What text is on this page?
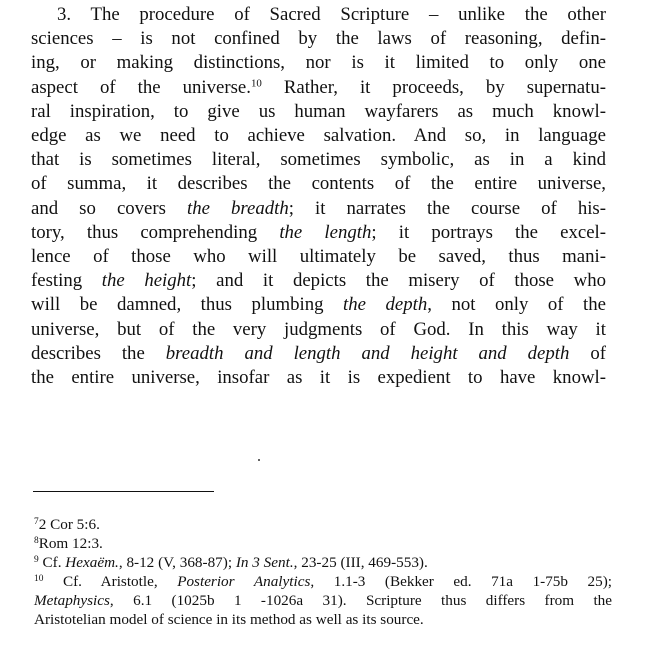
3. The procedure of Sacred Scripture – unlike the other
sciences – is not confined by the laws of reasoning, defin-
ing, or making distinctions, nor is it limited to only one
aspect of the universe.$^{10}$ Rather, it proceeds, by supernatu-
ral inspiration, to give us human wayfarers as much knowl-
edge as we need to achieve salvation. And so, in language
that is sometimes literal, sometimes symbolic, as in a kind
of summa, it describes the contents of the entire universe,
and so covers the breadth; it narrates the course of his-
tory, thus comprehending the length; it portrays the excel-
lence of those who will ultimately be saved, thus mani-
festing the height; and it depicts the misery of those who
will be damned, thus plumbing the depth, not only of the
universe, but of the very judgments of God. In this way it
describes the breadth and length and height and depth of
the entire universe, insofar as it is expedient to have knowl-
$^7$2 Cor 5:6.
$^8$Rom 12:3.
$^9$ Cf. Hexaëm., 8-12 (V, 368-87); In 3 Sent., 23-25 (III, 469-553).
$^{10}$ Cf. Aristotle, Posterior Analytics, 1.1-3 (Bekker ed. 71a 1-75b 25);
Metaphysics, 6.1 (1025b 1 -1026a 31). Scripture thus differs from the
Aristotelian model of science in its method as well as its source.
